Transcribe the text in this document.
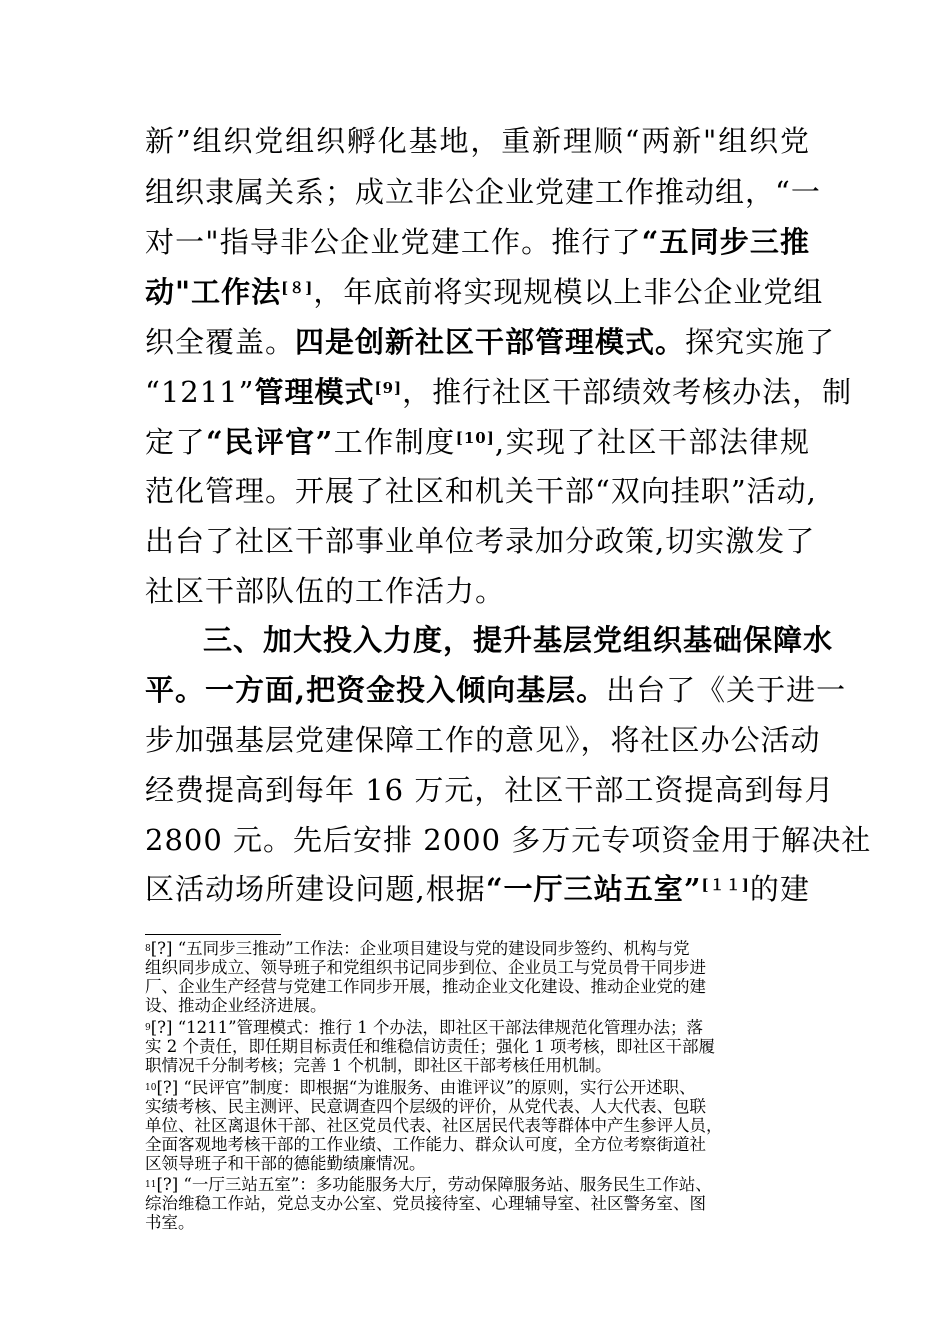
新”组织党组织孵化基地，重新理顺“两新"组织党
组织隶属关系；成立非公企业党建工作推动组，“一
对一"指导非公企业党建工作。推行了“五同步三推
动"工作法[８]，年底前将实现规模以上非公企业党组
织全覆盖。四是创新社区干部管理模式。探究实施了
“1211”管理模式[9]，推行社区干部绩效考核办法，制
定了“民评官”工作制度[10],实现了社区干部法律规
范化管理。开展了社区和机关干部“双向挂职”活动,
出台了社区干部事业单位考录加分政策,切实激发了
社区干部队伍的工作活力。
三、加大投入力度，提升基层党组织基础保障水
平。一方面,把资金投入倾向基层。出台了《关于进一
步加强基层党建保障工作的意见》，将社区办公活动
经费提高到每年 16 万元，社区干部工资提高到每月
2800 元。先后安排 2000 多万元专项资金用于解决社
区活动场所建设问题,根据“一厅三站五室”[１１]的建
$^8$[?] “五同步三推动”工作法：企业项目建设与党的建设同步签约、机构与党
组织同步成立、领导班子和党组织书记同步到位、企业员工与党员骨干同步进
厂、企业生产经营与党建工作同步开展，推动企业文化建设、推动企业党的建
设、推动企业经济进展。
$^9$[?] “1211”管理模式：推行 1 个办法，即社区干部法律规范化管理办法；落
实 2 个责任，即任期目标责任和维稳信访责任；强化 1 项考核，即社区干部履
职情况千分制考核；完善 1 个机制，即社区干部考核任用机制。
$^{10}$[?] “民评官”制度：即根据“为谁服务、由谁评议”的原则，实行公开述职、
实绩考核、民主测评、民意调查四个层级的评价，从党代表、人大代表、包联
单位、社区离退休干部、社区党员代表、社区居民代表等群体中产生参评人员，
全面客观地考核干部的工作业绩、工作能力、群众认可度，全方位考察街道社
区领导班子和干部的德能勤绩廉情况。
$^{11}$[?] “一厅三站五室”：多功能服务大厅，劳动保障服务站、服务民生工作站、
综治维稳工作站，党总支办公室、党员接待室、心理辅导室、社区警务室、图
书室。
